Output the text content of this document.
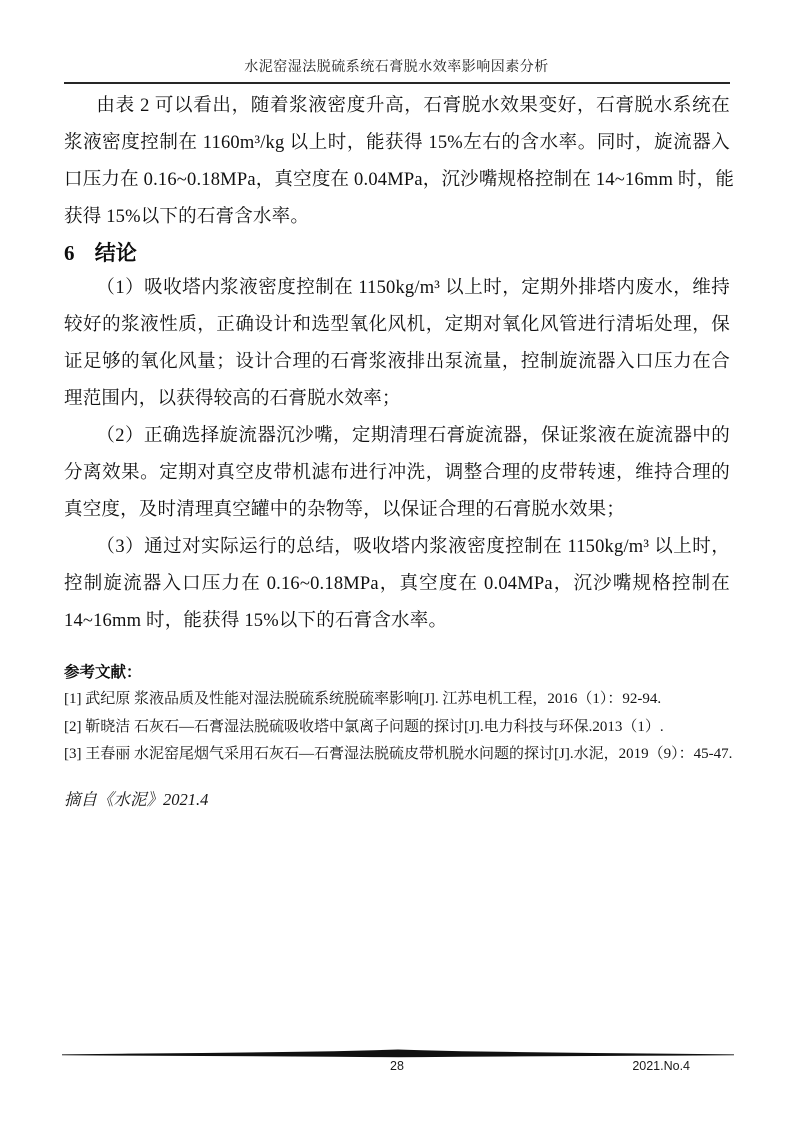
水泥窑湿法脱硫系统石膏脱水效率影响因素分析
由表 2 可以看出，随着浆液密度升高，石膏脱水效果变好，石膏脱水系统在
浆液密度控制在 1160m³/kg 以上时，能获得 15%左右的含水率。同时，旋流器入
口压力在 0.16~0.18MPa，真空度在 0.04MPa，沉沙嘴规格控制在 14~16mm 时，能
获得 15%以下的石膏含水率。
6 结论
（1）吸收塔内浆液密度控制在 1150kg/m³ 以上时，定期外排塔内废水，维持
较好的浆液性质，正确设计和选型氧化风机，定期对氧化风管进行清垢处理，保
证足够的氧化风量；设计合理的石膏浆液排出泵流量，控制旋流器入口压力在合
理范围内，以获得较高的石膏脱水效率；
（2）正确选择旋流器沉沙嘴，定期清理石膏旋流器，保证浆液在旋流器中的
分离效果。定期对真空皮带机滤布进行冲洗，调整合理的皮带转速，维持合理的
真空度，及时清理真空罐中的杂物等，以保证合理的石膏脱水效果；
（3）通过对实际运行的总结，吸收塔内浆液密度控制在 1150kg/m³ 以上时，
控制旋流器入口压力在 0.16~0.18MPa，真空度在 0.04MPa，沉沙嘴规格控制在
14~16mm 时，能获得 15%以下的石膏含水率。
参考文献：
[1] 武纪原 浆液品质及性能对湿法脱硫系统脱硫率影响[J]. 江苏电机工程，2016（1）：92-94.
[2] 靳晓洁 石灰石—石膏湿法脱硫吸收塔中氯离子问题的探讨[J].电力科技与环保.2013（1）.
[3] 王春丽 水泥窑尾烟气采用石灰石—石膏湿法脱硫皮带机脱水问题的探讨[J].水泥，2019（9）：45-47.
摘自《水泥》2021.4
28	2021.No.4
